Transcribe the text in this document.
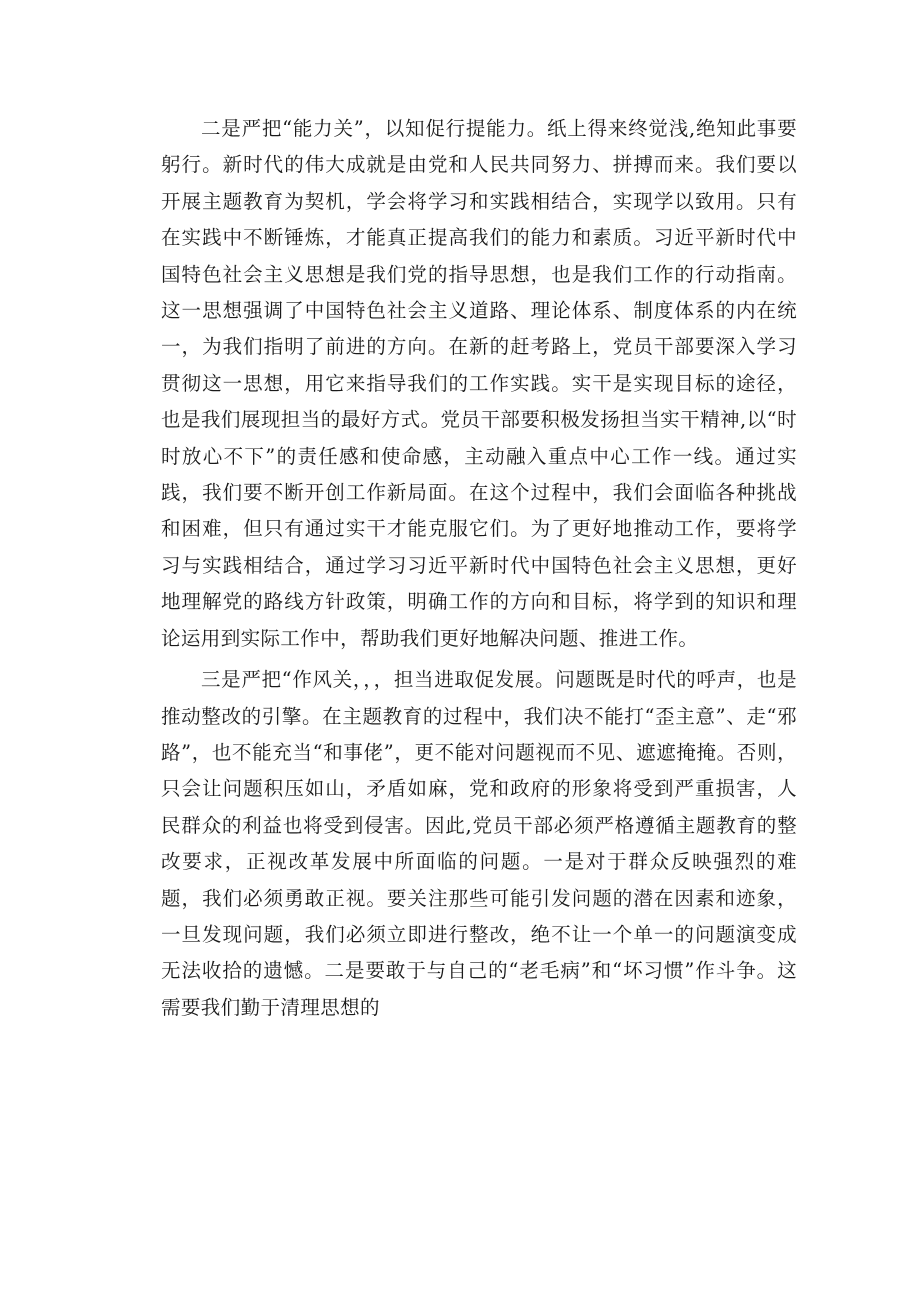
二是严把“能力关”，以知促行提能力。纸上得来终觉浅,绝知此事要躬行。新时代的伟大成就是由党和人民共同努力、拼搏而来。我们要以开展主题教育为契机，学会将学习和实践相结合，实现学以致用。只有在实践中不断锤炼，才能真正提高我们的能力和素质。习近平新时代中国特色社会主义思想是我们党的指导思想，也是我们工作的行动指南。这一思想强调了中国特色社会主义道路、理论体系、制度体系的内在统一，为我们指明了前进的方向。在新的赶考路上，党员干部要深入学习贯彻这一思想，用它来指导我们的工作实践。实干是实现目标的途径，也是我们展现担当的最好方式。党员干部要积极发扬担当实干精神,以“时时放心不下”的责任感和使命感，主动融入重点中心工作一线。通过实践，我们要不断开创工作新局面。在这个过程中，我们会面临各种挑战和困难，但只有通过实干才能克服它们。为了更好地推动工作，要将学习与实践相结合，通过学习习近平新时代中国特色社会主义思想，更好地理解党的路线方针政策，明确工作的方向和目标，将学到的知识和理论运用到实际工作中，帮助我们更好地解决问题、推进工作。

三是严把“作风关，，，担当进取促发展。问题既是时代的呼声，也是推动整改的引擎。在主题教育的过程中，我们决不能打“歪主意”、走“邪路”，也不能充当“和事佬”，更不能对问题视而不见、遮遮掩掩。否则，只会让问题积压如山，矛盾如麻，党和政府的形象将受到严重损害，人民群众的利益也将受到侵害。因此,党员干部必须严格遵循主题教育的整改要求，正视改革发展中所面临的问题。一是对于群众反映强烈的难题，我们必须勇敢正视。要关注那些可能引发问题的潜在因素和迹象，一旦发现问题，我们必须立即进行整改，绝不让一个单一的问题演变成无法收拾的遗憾。二是要敢于与自己的“老毛病”和“坏习惯”作斗争。这需要我们勤于清理思想的
